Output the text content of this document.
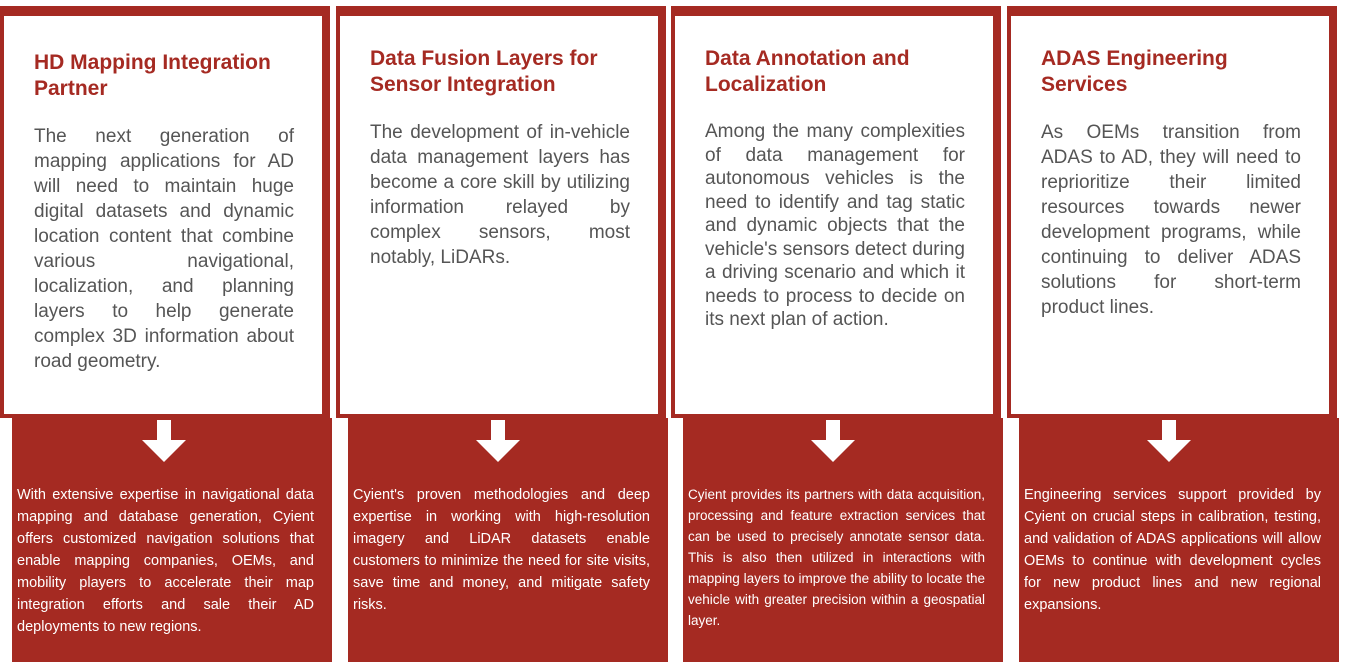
HD Mapping Integration Partner

The next generation of mapping applications for AD will need to maintain huge digital datasets and dynamic location content that combine various navigational, localization, and planning layers to help generate complex 3D information about road geometry.

With extensive expertise in navigational data mapping and database generation, Cyient offers customized navigation solutions that enable mapping companies, OEMs, and mobility players to accelerate their map integration efforts and sale their AD deployments to new regions.

Data Fusion Layers for Sensor Integration

The development of in-vehicle data management layers has become a core skill by utilizing information relayed by complex sensors, most notably, LiDARs.

Cyient's proven methodologies and deep expertise in working with high-resolution imagery and LiDAR datasets enable customers to minimize the need for site visits, save time and money, and mitigate safety risks.

Data Annotation and Localization

Among the many complexities of data management for autonomous vehicles is the need to identify and tag static and dynamic objects that the vehicle's sensors detect during a driving scenario and which it needs to process to decide on its next plan of action.

Cyient provides its partners with data acquisition, processing and feature extraction services that can be used to precisely annotate sensor data. This is also then utilized in interactions with mapping layers to improve the ability to locate the vehicle with greater precision within a geospatial layer.

ADAS Engineering Services

As OEMs transition from ADAS to AD, they will need to reprioritize their limited resources towards newer development programs, while continuing to deliver ADAS solutions for short-term product lines.

Engineering services support provided by Cyient on crucial steps in calibration, testing, and validation of ADAS applications will allow OEMs to continue with development cycles for new product lines and new regional expansions.
